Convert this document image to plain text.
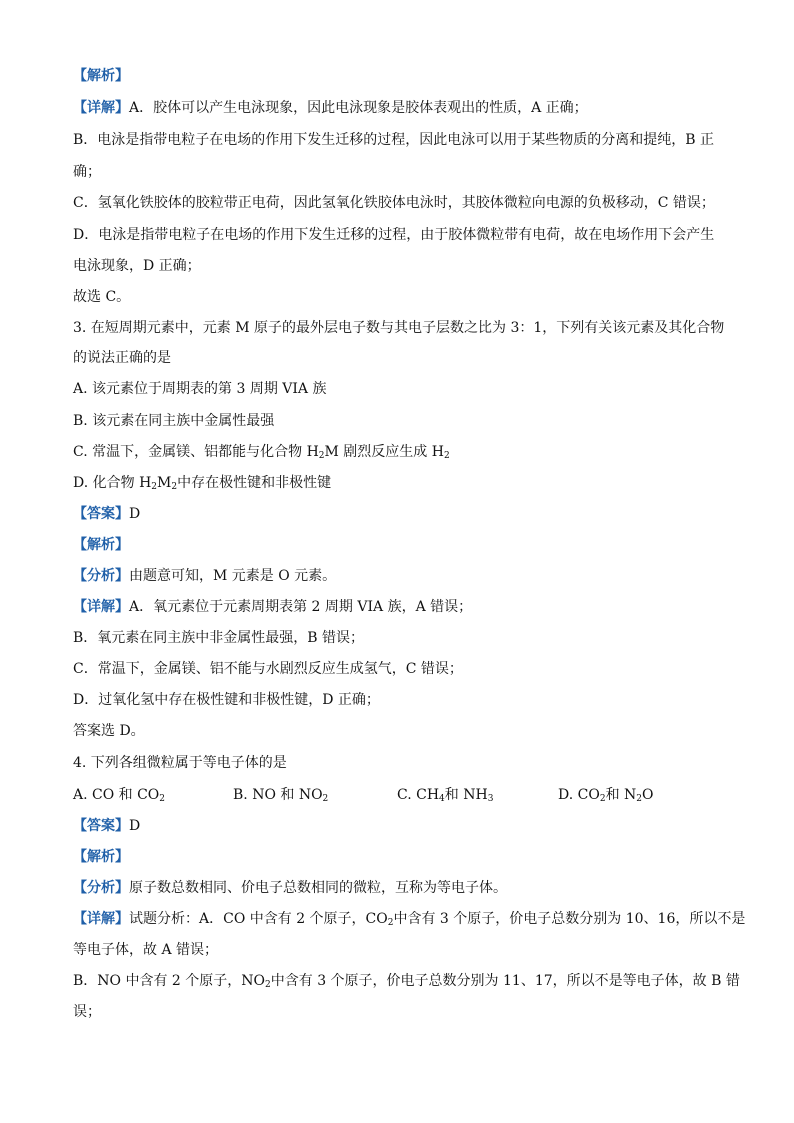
【解析】
【详解】A．胶体可以产生电泳现象，因此电泳现象是胶体表观出的性质，A 正确；
B．电泳是指带电粒子在电场的作用下发生迁移的过程，因此电泳可以用于某些物质的分离和提纯，B 正
确；
C．氢氧化铁胶体的胶粒带正电荷，因此氢氧化铁胶体电泳时，其胶体微粒向电源的负极移动，C 错误；
D．电泳是指带电粒子在电场的作用下发生迁移的过程，由于胶体微粒带有电荷，故在电场作用下会产生
电泳现象，D 正确；
故选 C。
3. 在短周期元素中，元素 M 原子的最外层电子数与其电子层数之比为 3：1，下列有关该元素及其化合物
的说法正确的是
A. 该元素位于周期表的第 3 周期 VIA 族
B. 该元素在同主族中金属性最强
C. 常温下，金属镁、铝都能与化合物 $H_2M$ 剧烈反应生成 $H_2$
D. 化合物 $H_2M_2$中存在极性键和非极性键
【答案】D
【解析】
【分析】由题意可知，M 元素是 O 元素。
【详解】A．氧元素位于元素周期表第 2 周期 VIA 族，A 错误；
B．氧元素在同主族中非金属性最强，B 错误；
C．常温下，金属镁、铝不能与水剧烈反应生成氢气，C 错误；
D．过氧化氢中存在极性键和非极性键，D 正确；
答案选 D。
4. 下列各组微粒属于等电子体的是
A. CO 和 $CO_2$	B. NO 和 $NO_2$	C. $CH_4$和 $NH_3$	D. $CO_2$和 $N_2O$
【答案】D
【解析】
【分析】原子数总数相同、价电子总数相同的微粒，互称为等电子体。
【详解】试题分析：A．CO 中含有 2 个原子，$CO_2$中含有 3 个原子，价电子总数分别为 10、16，所以不是
等电子体，故 A 错误；
B．NO 中含有 2 个原子，$NO_2$中含有 3 个原子，价电子总数分别为 11、17，所以不是等电子体，故 B 错
误；
